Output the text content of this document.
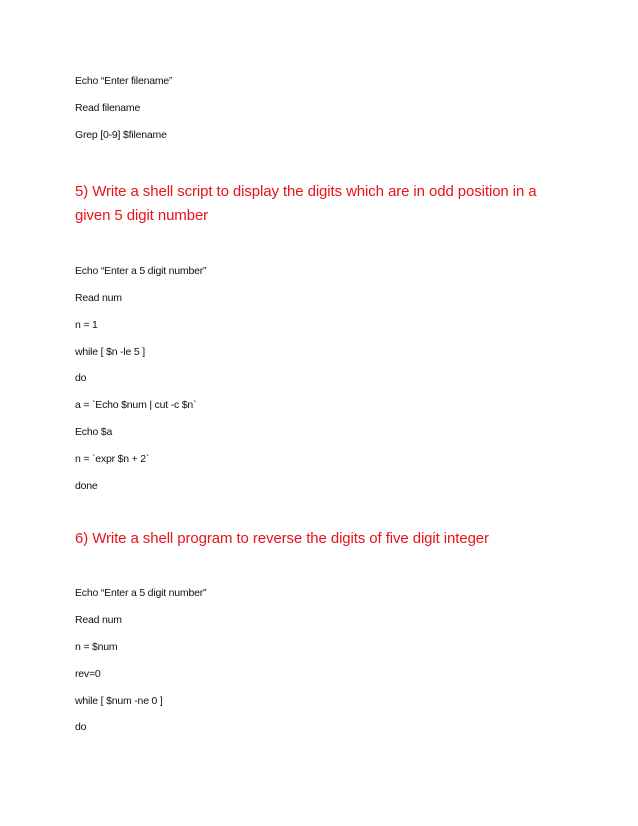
Echo “Enter filename”
Read filename
Grep [0-9] $filename
5) Write a shell script to display the digits which are in odd position in a
given 5 digit number
Echo “Enter a 5 digit number”
Read num
n = 1
while [ $n -le 5 ]
do
a = `Echo $num | cut -c $n`
Echo $a
n = `expr $n + 2`
done
6) Write a shell program to reverse the digits of five digit integer
Echo “Enter a 5 digit number”
Read num
n = $num
rev=0
while [ $num -ne 0 ]
do
